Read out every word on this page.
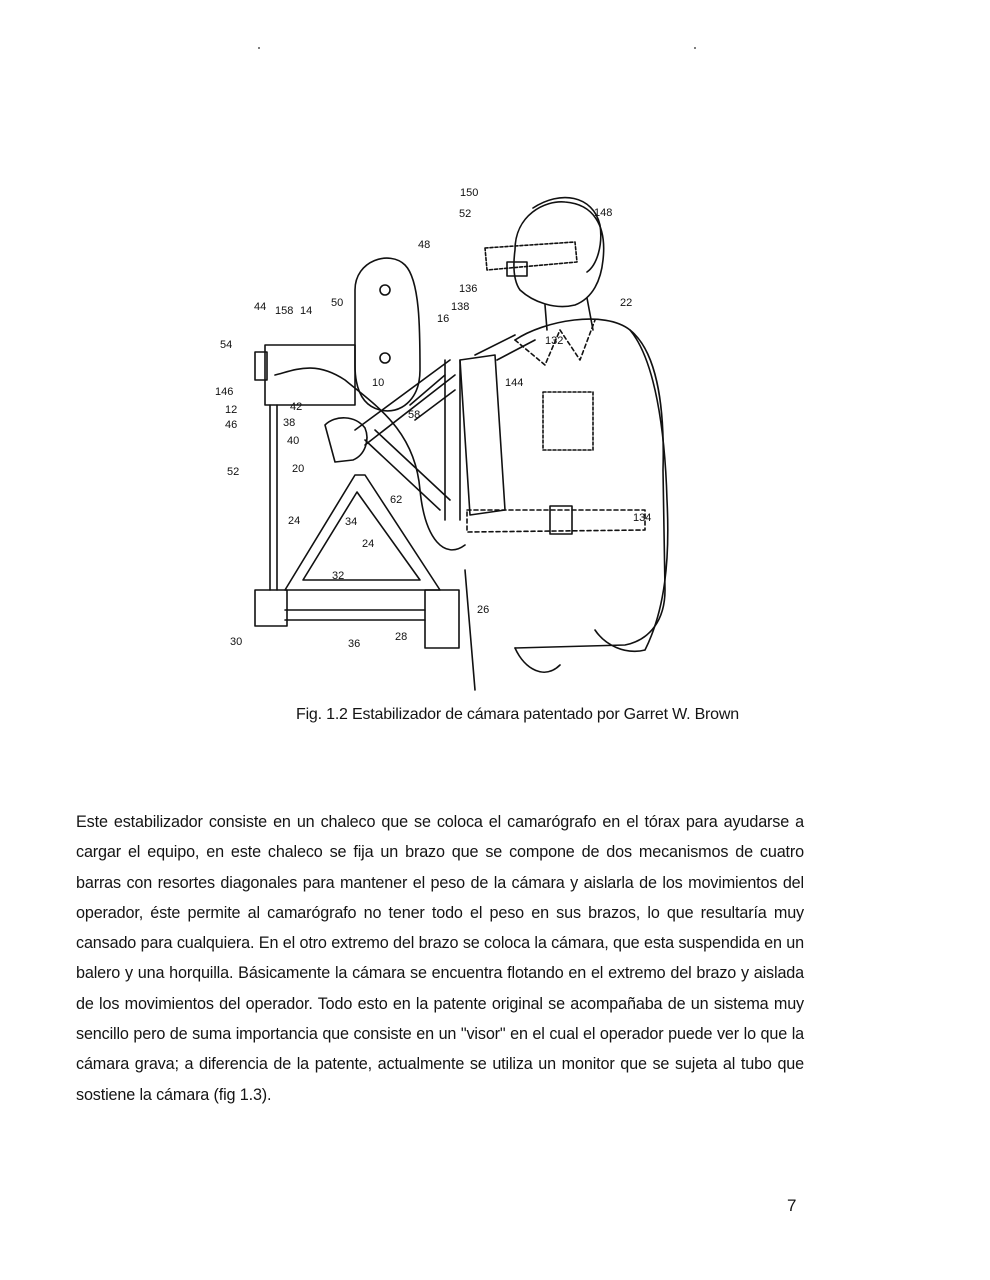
150
52	148
48
136
138
16
22
44 158 14
50
54	132
146
12
46
42
38
40
10
58
144
52	20
62
134
24	34
24
32
26
30	36
28
Fig. 1.2 Estabilizador de cámara patentado por Garret W. Brown

Este estabilizador consiste en un chaleco que se coloca el camarógrafo en el tórax para ayudarse a cargar el equipo, en este chaleco se fija un brazo que se compone de dos mecanismos de cuatro barras con resortes diagonales para mantener el peso de la cámara y aislarla de los movimientos del operador, éste permite al camarógrafo no tener todo el peso en sus brazos, lo que resultaría muy cansado para cualquiera. En el otro extremo del brazo se coloca la cámara, que esta suspendida en un balero y una horquilla. Básicamente la cámara se encuentra flotando en el extremo del brazo y aislada de los movimientos del operador. Todo esto en la patente original se acompañaba de un sistema muy sencillo pero de suma importancia que consiste en un "visor" en el cual el operador puede ver lo que la cámara grava; a diferencia de la patente, actualmente se utiliza un monitor que se sujeta al tubo que sostiene la cámara (fig 1.3).

7
